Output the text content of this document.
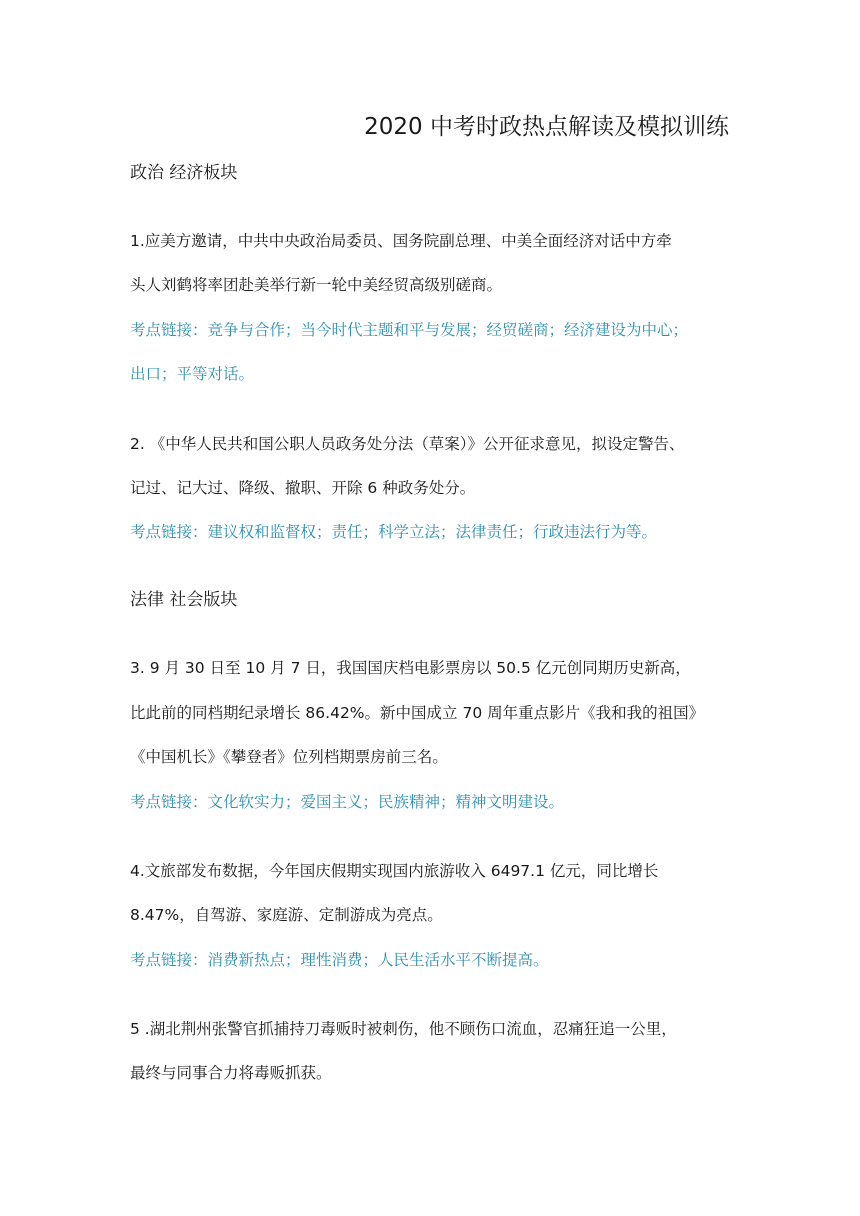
2020 中考时政热点解读及模拟训练
政治 经济板块
1.应美方邀请，中共中央政治局委员、国务院副总理、中美全面经济对话中方牵
头人刘鹤将率团赴美举行新一轮中美经贸高级别磋商。
考点链接：竞争与合作；当今时代主题和平与发展；经贸磋商；经济建设为中心；
出口；平等对话。
2. 《中华人民共和国公职人员政务处分法（草案）》公开征求意见，拟设定警告、
记过、记大过、降级、撤职、开除 6 种政务处分。
考点链接：建议权和监督权；责任；科学立法；法律责任；行政违法行为等。
法律 社会版块
3. 9 月 30 日至 10 月 7 日，我国国庆档电影票房以 50.5 亿元创同期历史新高，
比此前的同档期纪录增长 86.42%。新中国成立 70 周年重点影片《我和我的祖国》
《中国机长》《攀登者》位列档期票房前三名。
考点链接：文化软实力；爱国主义；民族精神；精神文明建设。
4.文旅部发布数据，今年国庆假期实现国内旅游收入 6497.1 亿元，同比增长
8.47%，自驾游、家庭游、定制游成为亮点。
考点链接：消费新热点；理性消费；人民生活水平不断提高。
5 .湖北荆州张警官抓捕持刀毒贩时被刺伤，他不顾伤口流血，忍痛狂追一公里，
最终与同事合力将毒贩抓获。
